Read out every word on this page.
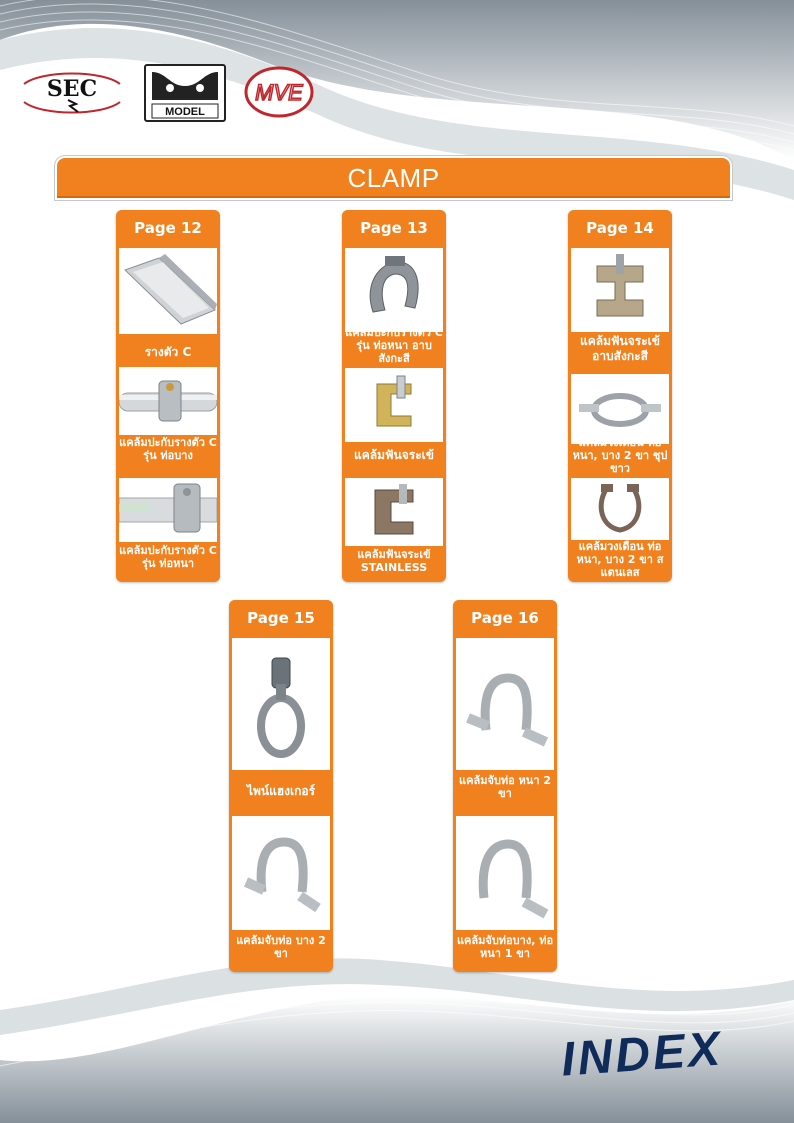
SEC
MODEL
MVE
CLAMP
Page 12
รางตัว C
แคล้มปะกับรางตัว C รุ่น ท่อบาง
แคล้มปะกับรางตัว C รุ่น ท่อหนา
Page 13
แคล้มปะกับรางตัว C รุ่น ท่อหนา อาบสังกะสี
แคล้มฟันจระเข้
แคล้มฟันจระเข้ STAINLESS
Page 14
แคล้มฟันจระเข้ อาบสังกะสี
แคล้มวงเดือน ท่อหนา, บาง 2 ขา ชุปขาว
แคล้มวงเดือน ท่อหนา, บาง 2 ขา สแตนเลส
Page 15
ไพน์แฮงเกอร์
แคล้มจับท่อ บาง 2 ขา
Page 16
แคล้มจับท่อ หนา 2 ขา
แคล้มจับท่อบาง, ท่อหนา 1 ขา
INDEX
